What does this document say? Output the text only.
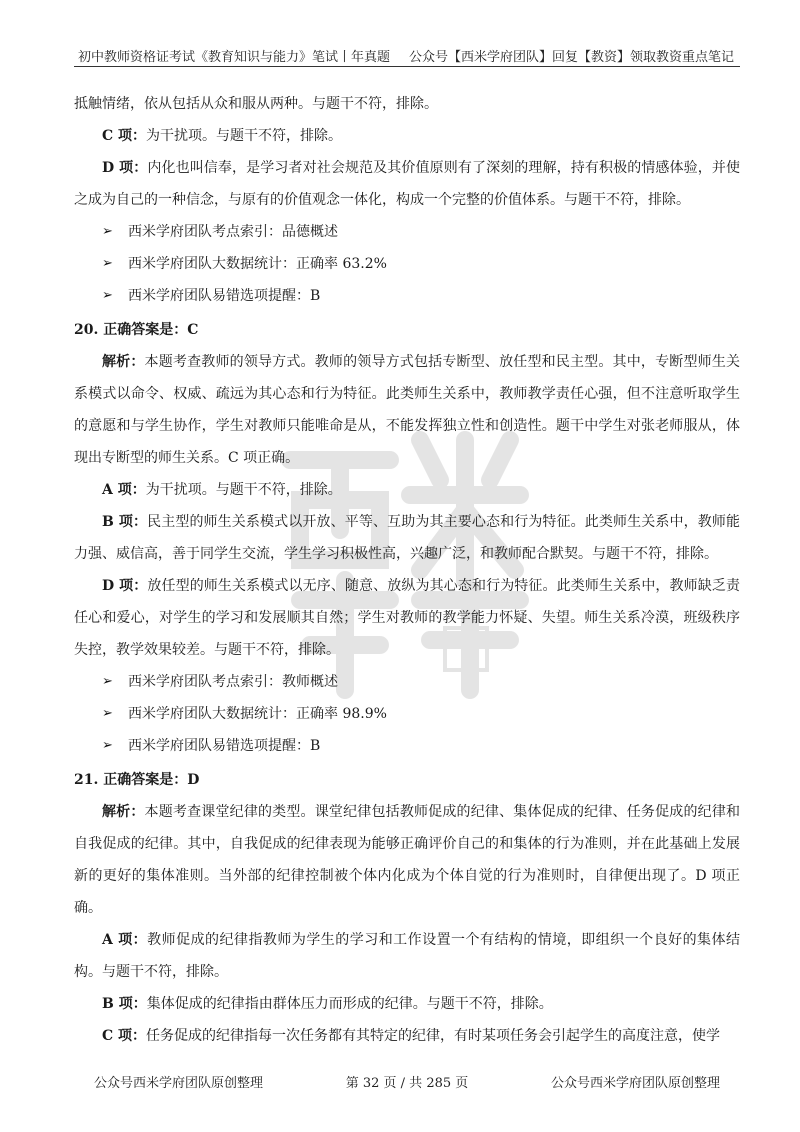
初中教师资格证考试《教育知识与能力》笔试丨年真题 公众号【西米学府团队】回复【教资】领取教资重点笔记

抵触情绪，依从包括从众和服从两种。与题干不符，排除。

C 项：为干扰项。与题干不符，排除。

D 项：内化也叫信奉，是学习者对社会规范及其价值原则有了深刻的理解，持有积极的情感体验，并使之成为自己的一种信念，与原有的价值观念一体化，构成一个完整的价值体系。与题干不符，排除。

➢	西米学府团队考点索引：品德概述
➢	西米学府团队大数据统计：正确率 63.2%
➢	西米学府团队易错选项提醒：B
20. 正确答案是：C

解析：本题考查教师的领导方式。教师的领导方式包括专断型、放任型和民主型。其中，专断型师生关系模式以命令、权威、疏远为其心态和行为特征。此类师生关系中，教师教学责任心强，但不注意听取学生的意愿和与学生协作，学生对教师只能唯命是从，不能发挥独立性和创造性。题干中学生对张老师服从，体现出专断型的师生关系。C 项正确。

A 项：为干扰项。与题干不符，排除。

B 项：民主型的师生关系模式以开放、平等、互助为其主要心态和行为特征。此类师生关系中，教师能力强、威信高，善于同学生交流，学生学习积极性高，兴趣广泛，和教师配合默契。与题干不符，排除。

D 项：放任型的师生关系模式以无序、随意、放纵为其心态和行为特征。此类师生关系中，教师缺乏责任心和爱心，对学生的学习和发展顺其自然；学生对教师的教学能力怀疑、失望。师生关系冷漠，班级秩序失控，教学效果较差。与题干不符，排除。

➢	西米学府团队考点索引：教师概述
➢	西米学府团队大数据统计：正确率 98.9%
➢	西米学府团队易错选项提醒：B
21. 正确答案是：D

解析：本题考查课堂纪律的类型。课堂纪律包括教师促成的纪律、集体促成的纪律、任务促成的纪律和自我促成的纪律。其中，自我促成的纪律表现为能够正确评价自己的和集体的行为准则，并在此基础上发展新的更好的集体准则。当外部的纪律控制被个体内化成为个体自觉的行为准则时，自律便出现了。D 项正确。

A 项：教师促成的纪律指教师为学生的学习和工作设置一个有结构的情境，即组织一个良好的集体结构。与题干不符，排除。

B 项：集体促成的纪律指由群体压力而形成的纪律。与题干不符，排除。

C 项：任务促成的纪律指每一次任务都有其特定的纪律，有时某项任务会引起学生的高度注意，使学

公众号西米学府团队原创整理	第 32 页 / 共 285 页	公众号西米学府团队原创整理
